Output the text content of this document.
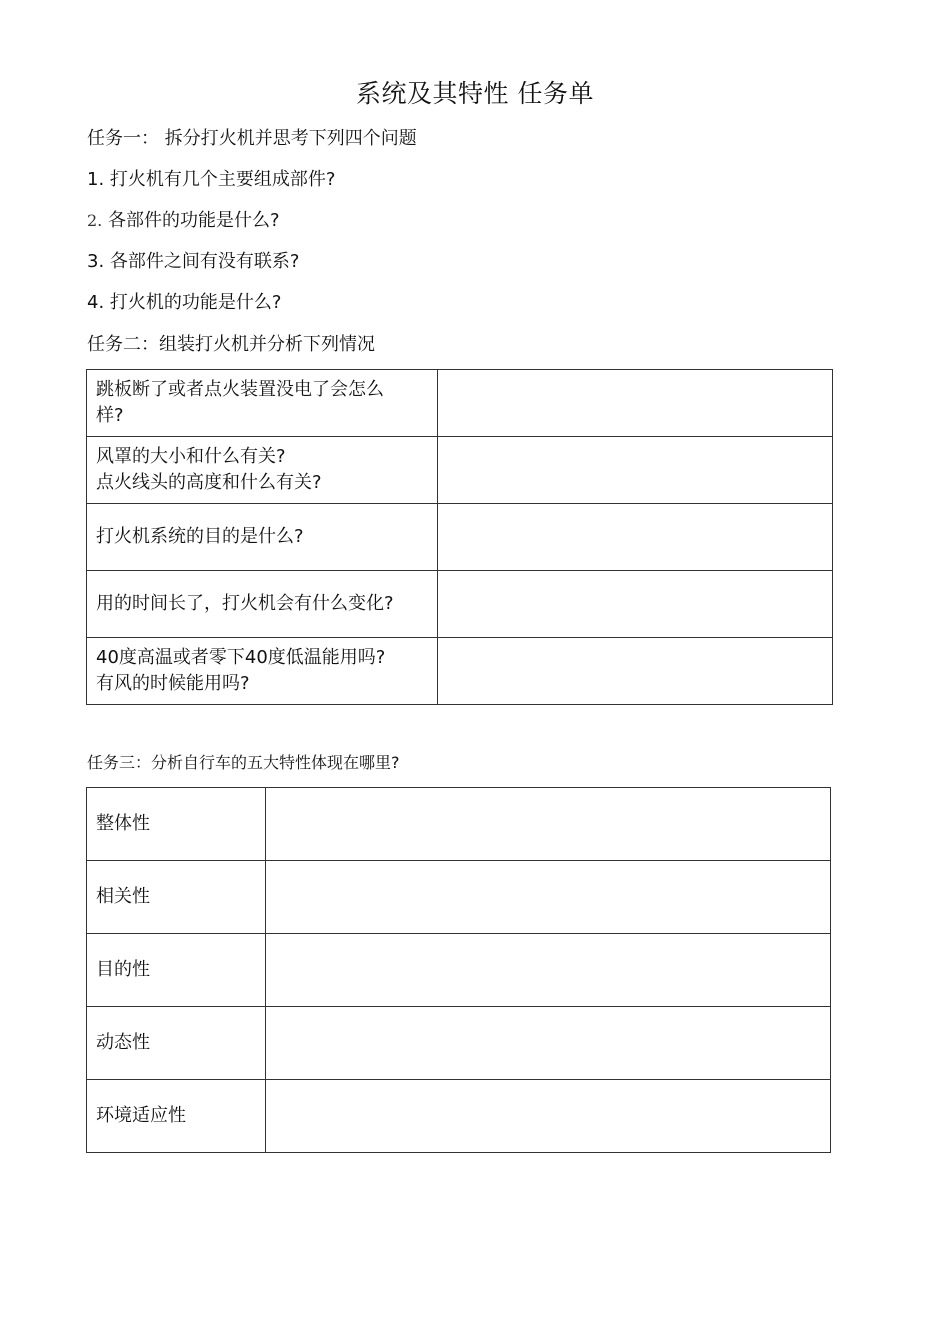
系统及其特性 任务单
任务一： 拆分打火机并思考下列四个问题
1. 打火机有几个主要组成部件?
2. 各部件的功能是什么?
3. 各部件之间有没有联系?
4. 打火机的功能是什么?
任务二：组装打火机并分析下列情况
跳板断了或者点火装置没电了会怎么
样?	

风罩的大小和什么有关?
点火线头的高度和什么有关?	

打火机系统的目的是什么?	

用的时间长了，打火机会有什么变化?	

40度高温或者零下40度低温能用吗?
有风的时候能用吗?	

任务三：分析自行车的五大特性体现在哪里?
整体性	
相关性	
目的性	
动态性	
环境适应性	
